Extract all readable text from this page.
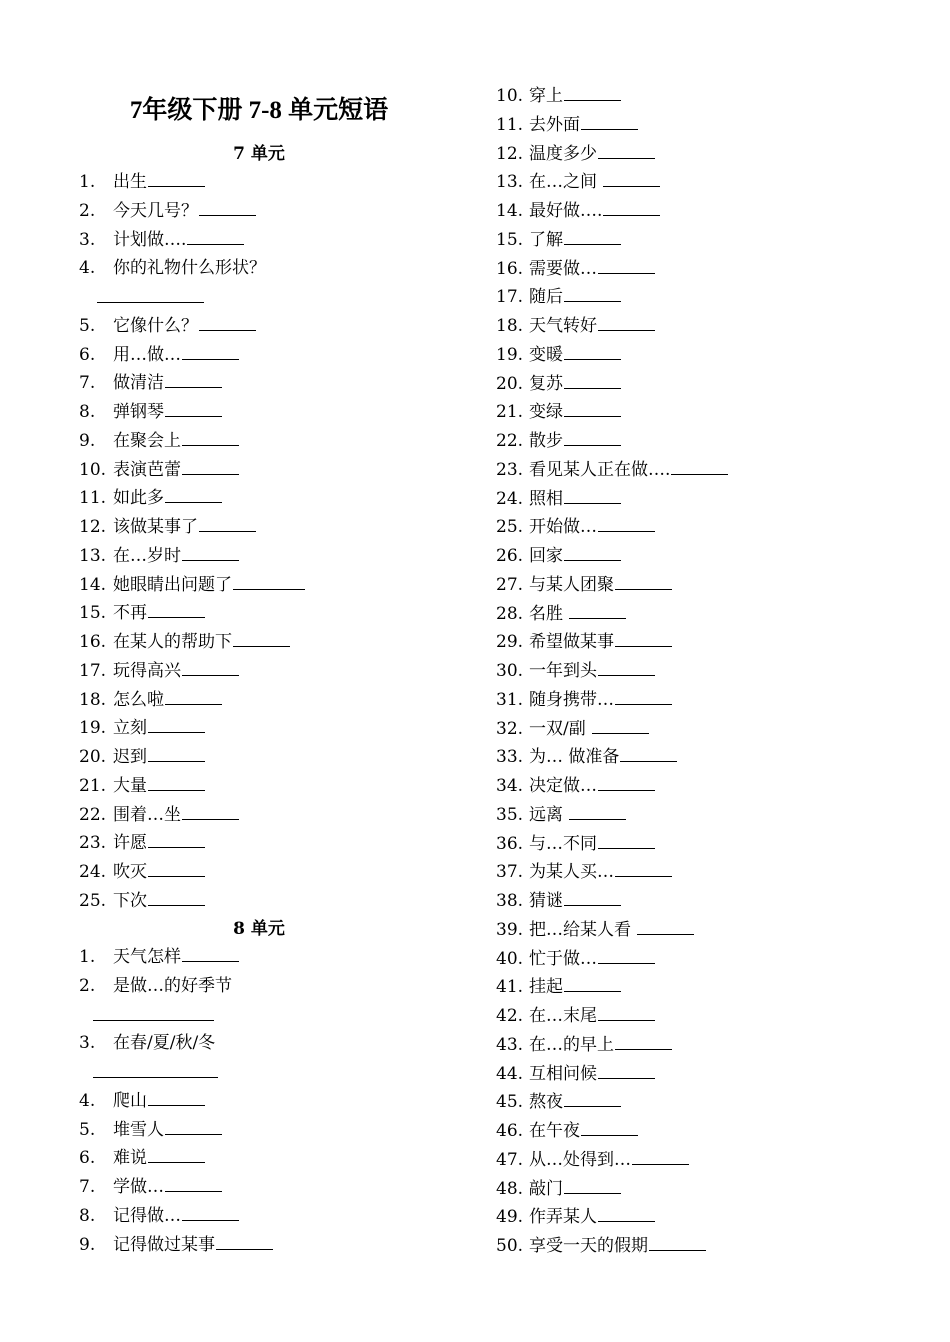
7年级下册 7-8 单元短语
7 单元
1. 出生
2. 今天几号？
3. 计划做….
4. 你的礼物什么形状？
5. 它像什么？
6. 用…做…
7. 做清洁
8. 弹钢琴
9. 在聚会上
10. 表演芭蕾
11. 如此多
12. 该做某事了
13. 在…岁时
14. 她眼睛出问题了
15. 不再
16. 在某人的帮助下
17. 玩得高兴
18. 怎么啦
19. 立刻
20. 迟到
21. 大量
22. 围着…坐
23. 许愿
24. 吹灭
25. 下次
8 单元
1. 天气怎样
2. 是做…的好季节
3. 在春/夏/秋/冬
4. 爬山
5. 堆雪人
6. 难说
7. 学做…
8. 记得做…
9. 记得做过某事
10. 穿上
11. 去外面
12. 温度多少
13. 在…之间
14. 最好做….
15. 了解
16. 需要做…
17. 随后
18. 天气转好
19. 变暖
20. 复苏
21. 变绿
22. 散步
23. 看见某人正在做….
24. 照相
25. 开始做…
26. 回家
27. 与某人团聚
28. 名胜
29. 希望做某事
30. 一年到头
31. 随身携带…
32. 一双/副
33. 为… 做准备
34. 决定做…
35. 远离
36. 与…不同
37. 为某人买…
38. 猜谜
39. 把…给某人看
40. 忙于做…
41. 挂起
42. 在…末尾
43. 在…的早上
44. 互相问候
45. 熬夜
46. 在午夜
47. 从…处得到…
48. 敲门
49. 作弄某人
50. 享受一天的假期
